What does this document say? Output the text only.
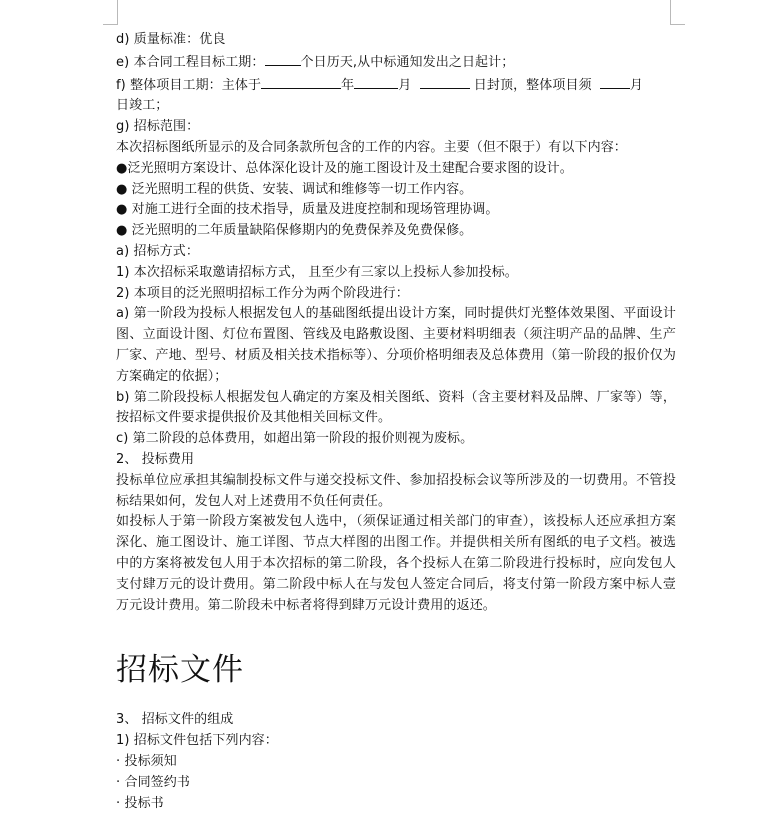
d) 质量标准：优良
e) 本合同工程目标工期：	个日历天,从中标通知发出之日起计；
f) 整体项目工期：主体于	年	月	日封顶，整体项目须	月
日竣工；
g) 招标范围：
本次招标图纸所显示的及合同条款所包含的工作的内容。主要（但不限于）有以下内容：
●泛光照明方案设计、总体深化设计及的施工图设计及土建配合要求图的设计。
● 泛光照明工程的供货、安装、调试和维修等一切工作内容。
● 对施工进行全面的技术指导，质量及进度控制和现场管理协调。
● 泛光照明的二年质量缺陷保修期内的免费保养及免费保修。
a) 招标方式：
1) 本次招标采取邀请招标方式， 且至少有三家以上投标人参加投标。
2) 本项目的泛光照明招标工作分为两个阶段进行：
a) 第一阶段为投标人根据发包人的基础图纸提出设计方案，同时提供灯光整体效果图、平面设计图、立面设计图、灯位布置图、管线及电路敷设图、主要材料明细表（须注明产品的品牌、生产厂家、产地、型号、材质及相关技术指标等）、分项价格明细表及总体费用（第一阶段的报价仅为方案确定的依据）；
b) 第二阶段投标人根据发包人确定的方案及相关图纸、资料（含主要材料及品牌、厂家等）等，按招标文件要求提供报价及其他相关回标文件。
c) 第二阶段的总体费用，如超出第一阶段的报价则视为废标。
2、 投标费用
投标单位应承担其编制投标文件与递交投标文件、参加招投标会议等所涉及的一切费用。不管投标结果如何，发包人对上述费用不负任何责任。
如投标人于第一阶段方案被发包人选中，（须保证通过相关部门的审查），该投标人还应承担方案深化、施工图设计、施工详图、节点大样图的出图工作。并提供相关所有图纸的电子文档。被选中的方案将被发包人用于本次招标的第二阶段，各个投标人在第二阶段进行投标时，应向发包人支付肆万元的设计费用。第二阶段中标人在与发包人签定合同后，将支付第一阶段方案中标人壹万元设计费用。第二阶段未中标者将得到肆万元设计费用的返还。
招标文件
3、 招标文件的组成
1) 招标文件包括下列内容：
· 投标须知
· 合同签约书
· 投标书
